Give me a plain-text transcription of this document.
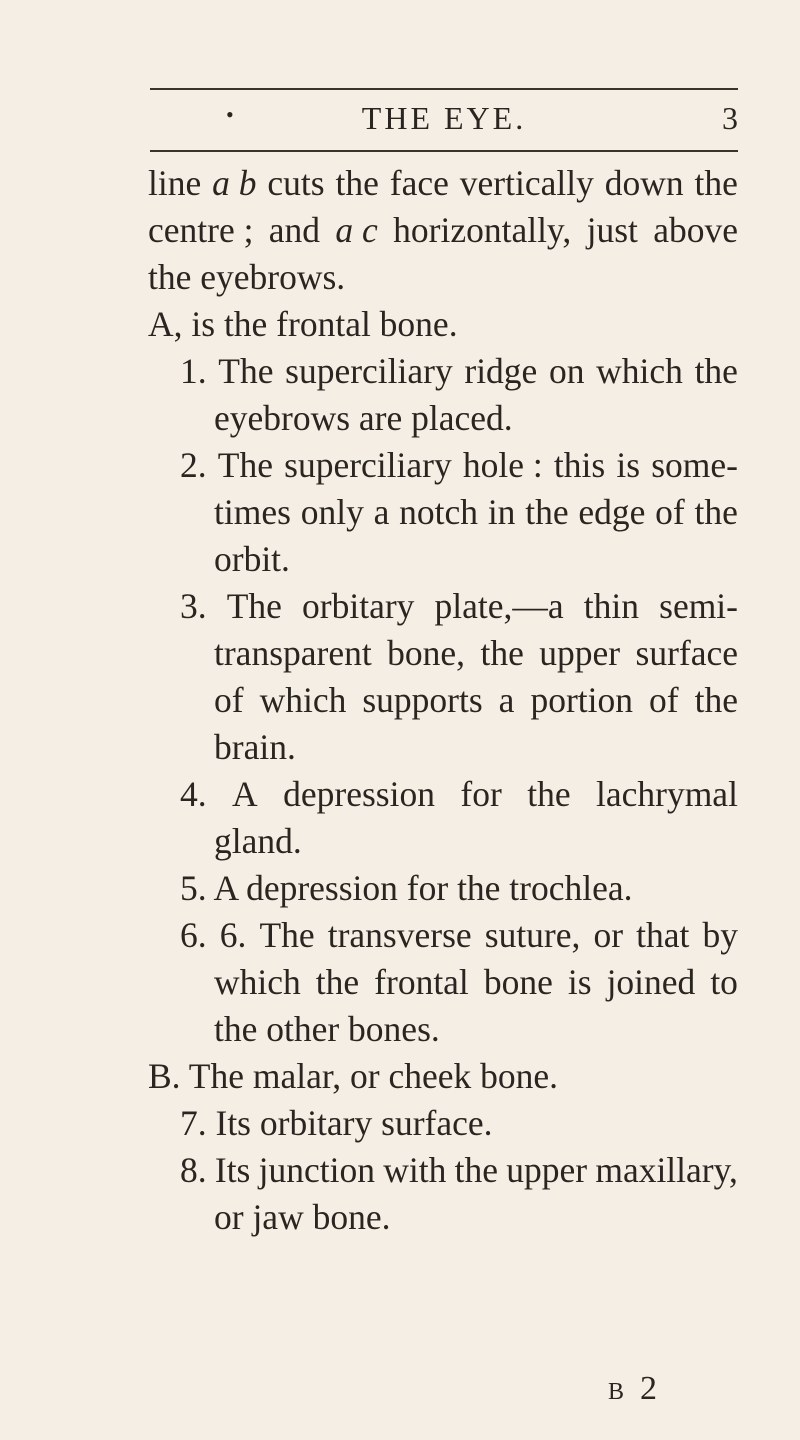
•	THE EYE.	3
line a b cuts the face vertically down the
centre ; and a c horizontally, just above
the eyebrows.
A, is the frontal bone.
1. The superciliary ridge on which the
eyebrows are placed.
2. The superciliary hole : this is some-
times only a notch in the edge of the
orbit.
3. The orbitary plate,—a thin semi-
transparent bone, the upper surface
of which supports a portion of the
brain.
4. A depression for the lachrymal
gland.
5. A depression for the trochlea.
6. 6. The transverse suture, or that by
which the frontal bone is joined to
the other bones.
B. The malar, or cheek bone.
7. Its orbitary surface.
8. Its junction with the upper maxillary,
or jaw bone.
B 2
